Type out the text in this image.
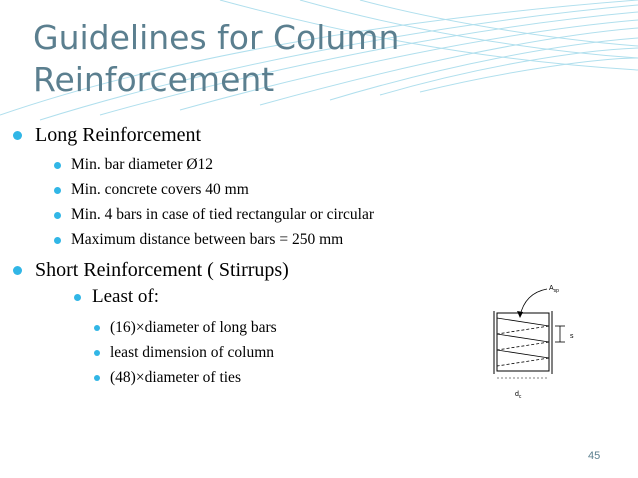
Guidelines for Column
Reinforcement
Long Reinforcement
Min. bar diameter Ø12
Min. concrete covers 40 mm
Min. 4 bars in case of tied rectangular or circular
Maximum distance between bars = 250 mm
Short Reinforcement ( Stirrups)
Least of:
(16)×diameter of long bars
least dimension of column
(48)×diameter of ties
s
$A_{sp}$
$d_c$
45
